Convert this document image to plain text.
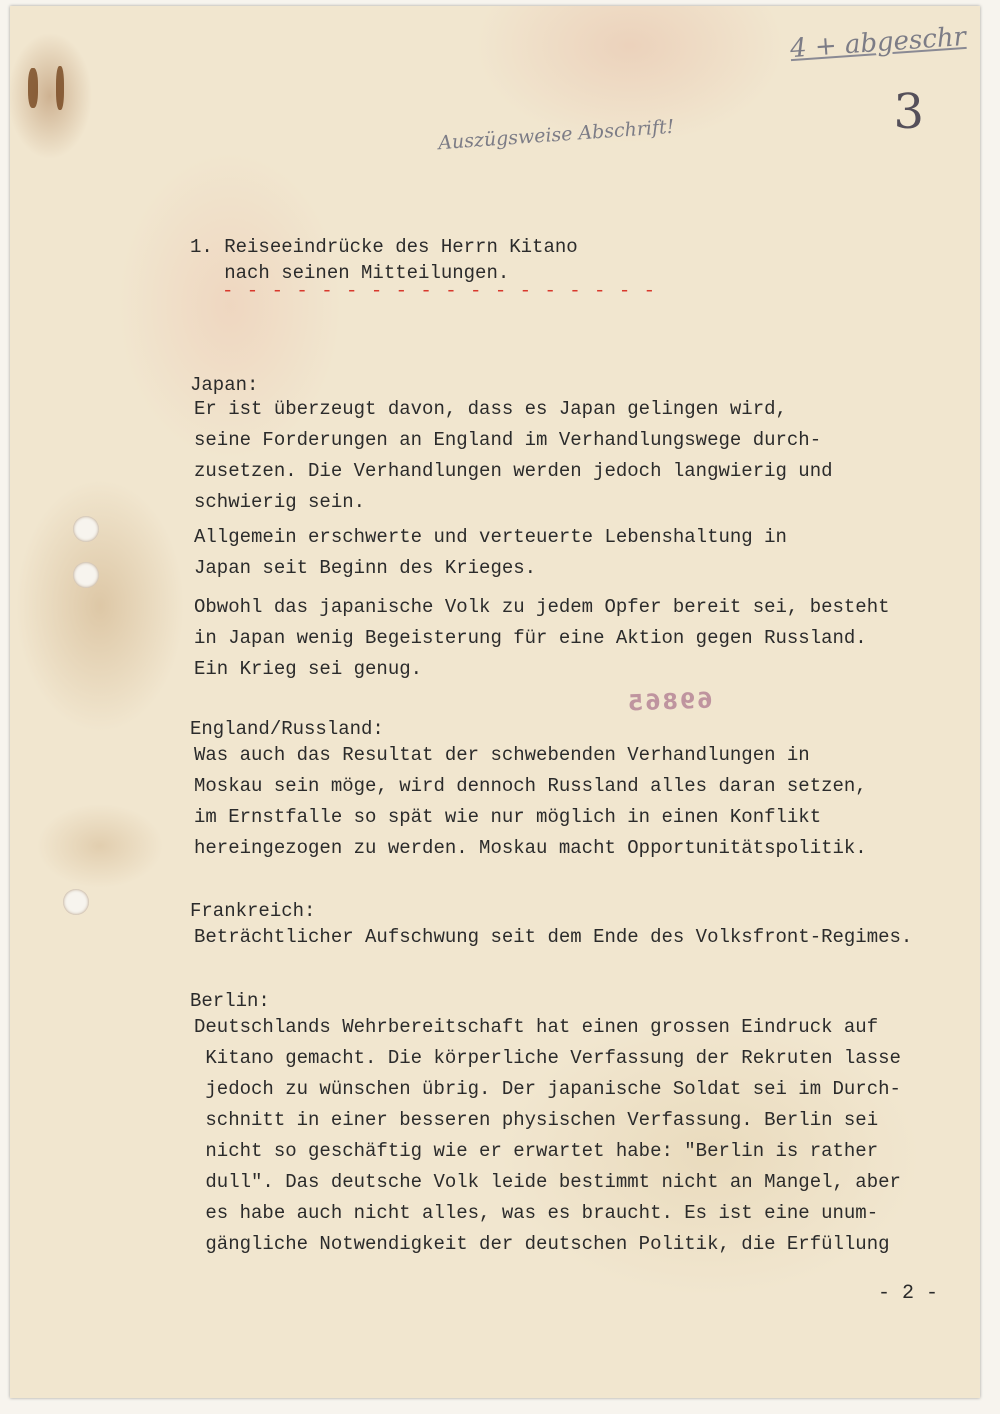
4 + abgeschr
3
Auszügsweise Abschrift!
69865
1. Reiseeindrücke des Herrn Kitano
nach seinen Mitteilungen.
- - - - - - - - - - - - - - - - - -
Japan:
Er ist überzeugt davon, dass es Japan gelingen wird,
seine Forderungen an England im Verhandlungswege durch-
zusetzen. Die Verhandlungen werden jedoch langwierig und
schwierig sein.
Allgemein erschwerte und verteuerte Lebenshaltung in
Japan seit Beginn des Krieges.
Obwohl das japanische Volk zu jedem Opfer bereit sei, besteht
in Japan wenig Begeisterung für eine Aktion gegen Russland.
Ein Krieg sei genug.
England/Russland:
Was auch das Resultat der schwebenden Verhandlungen in
Moskau sein möge, wird dennoch Russland alles daran setzen,
im Ernstfalle so spät wie nur möglich in einen Konflikt
hereingezogen zu werden. Moskau macht Opportunitätspolitik.
Frankreich:
Beträchtlicher Aufschwung seit dem Ende des Volksfront-Regimes.
Berlin:
Deutschlands Wehrbereitschaft hat einen grossen Eindruck auf
Kitano gemacht. Die körperliche Verfassung der Rekruten lasse
jedoch zu wünschen übrig. Der japanische Soldat sei im Durch-
schnitt in einer besseren physischen Verfassung. Berlin sei
nicht so geschäftig wie er erwartet habe: "Berlin is rather
dull". Das deutsche Volk leide bestimmt nicht an Mangel, aber
es habe auch nicht alles, was es braucht. Es ist eine unum-
gängliche Notwendigkeit der deutschen Politik, die Erfüllung
- 2 -
